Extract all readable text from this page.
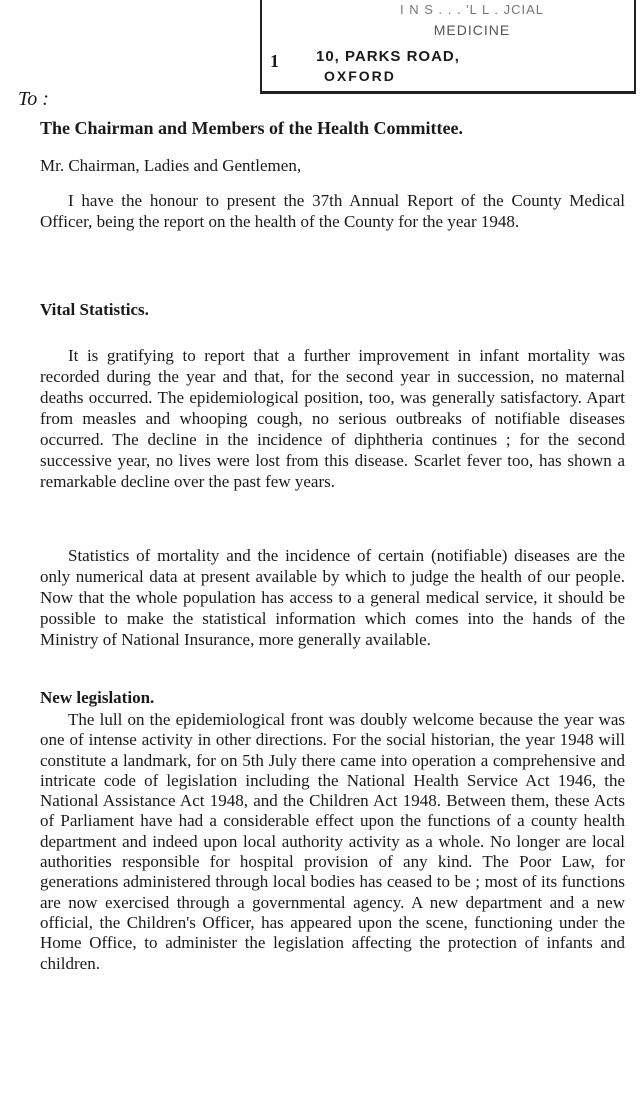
I N S . . . 'L L . JCIAL
MEDICINE
1 10, PARKS ROAD,
OXFORD
To :
The Chairman and Members of the Health Committee.
Mr. Chairman, Ladies and Gentlemen,

I have the honour to present the 37th Annual Report of the County Medical Officer, being the report on the health of the County for the year 1948.

Vital Statistics.

It is gratifying to report that a further improvement in infant mortality was recorded during the year and that, for the second year in succession, no maternal deaths occurred. The epidemiological position, too, was generally satisfactory. Apart from measles and whooping cough, no serious outbreaks of notifiable diseases occurred. The decline in the incidence of diphtheria continues ; for the second successive year, no lives were lost from this disease. Scarlet fever too, has shown a remarkable decline over the past few years.

Statistics of mortality and the incidence of certain (notifiable) diseases are the only numerical data at present available by which to judge the health of our people. Now that the whole population has access to a general medical service, it should be possible to make the statistical information which comes into the hands of the Ministry of National Insurance, more generally available.

New legislation.

The lull on the epidemiological front was doubly welcome because the year was one of intense activity in other directions. For the social historian, the year 1948 will constitute a landmark, for on 5th July there came into operation a comprehensive and intricate code of legislation including the National Health Service Act 1946, the National Assistance Act 1948, and the Children Act 1948. Between them, these Acts of Parliament have had a considerable effect upon the functions of a county health department and indeed upon local authority activity as a whole. No longer are local authorities responsible for hospital provision of any kind. The Poor Law, for generations administered through local bodies has ceased to be ; most of its functions are now exercised through a governmental agency. A new department and a new official, the Children's Officer, has appeared upon the scene, functioning under the Home Office, to administer the legislation affecting the protection of infants and children.
